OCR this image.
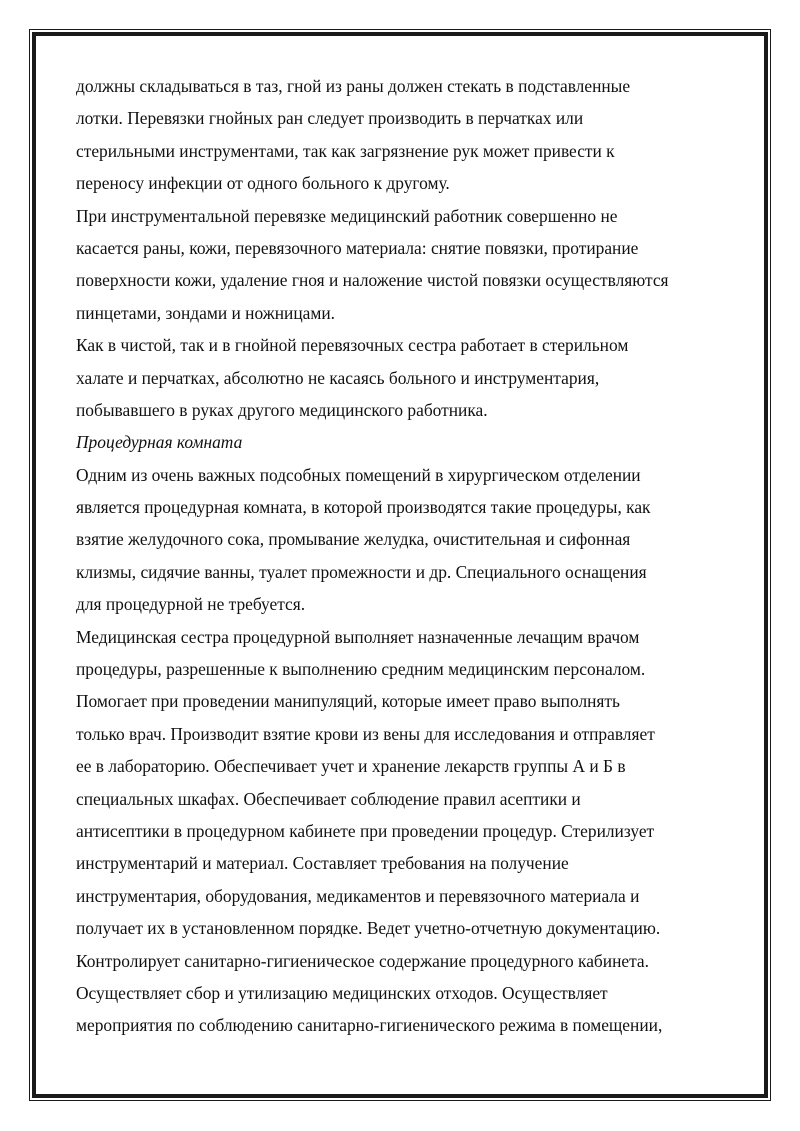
должны складываться в таз, гной из раны должен стекать в подставленные
лотки. Перевязки гнойных ран следует производить в перчатках или
стерильными инструментами, так как загрязнение рук может привести к
переносу инфекции от одного больного к другому.
При инструментальной перевязке медицинский работник совершенно не
касается раны, кожи, перевязочного материала: снятие повязки, протирание
поверхности кожи, удаление гноя и наложение чистой повязки осуществляются
пинцетами, зондами и ножницами.
Как в чистой, так и в гнойной перевязочных сестра работает в стерильном
халате и перчатках, абсолютно не касаясь больного и инструментария,
побывавшего в руках другого медицинского работника.
Процедурная комната
Одним из очень важных подсобных помещений в хирургическом отделении
является процедурная комната, в которой производятся такие процедуры, как
взятие желудочного сока, промывание желудка, очистительная и сифонная
клизмы, сидячие ванны, туалет промежности и др. Специального оснащения
для процедурной не требуется.
Медицинская сестра процедурной выполняет назначенные лечащим врачом
процедуры, разрешенные к выполнению средним медицинским персоналом.
Помогает при проведении манипуляций, которые имеет право выполнять
только врач. Производит взятие крови из вены для исследования и отправляет
ее в лабораторию. Обеспечивает учет и хранение лекарств группы А и Б в
специальных шкафах. Обеспечивает соблюдение правил асептики и
антисептики в процедурном кабинете при проведении процедур. Стерилизует
инструментарий и материал. Составляет требования на получение
инструментария, оборудования, медикаментов и перевязочного материала и
получает их в установленном порядке. Ведет учетно-отчетную документацию.
Контролирует санитарно-гигиеническое содержание процедурного кабинета.
Осуществляет сбор и утилизацию медицинских отходов. Осуществляет
мероприятия по соблюдению санитарно-гигиенического режима в помещении,
